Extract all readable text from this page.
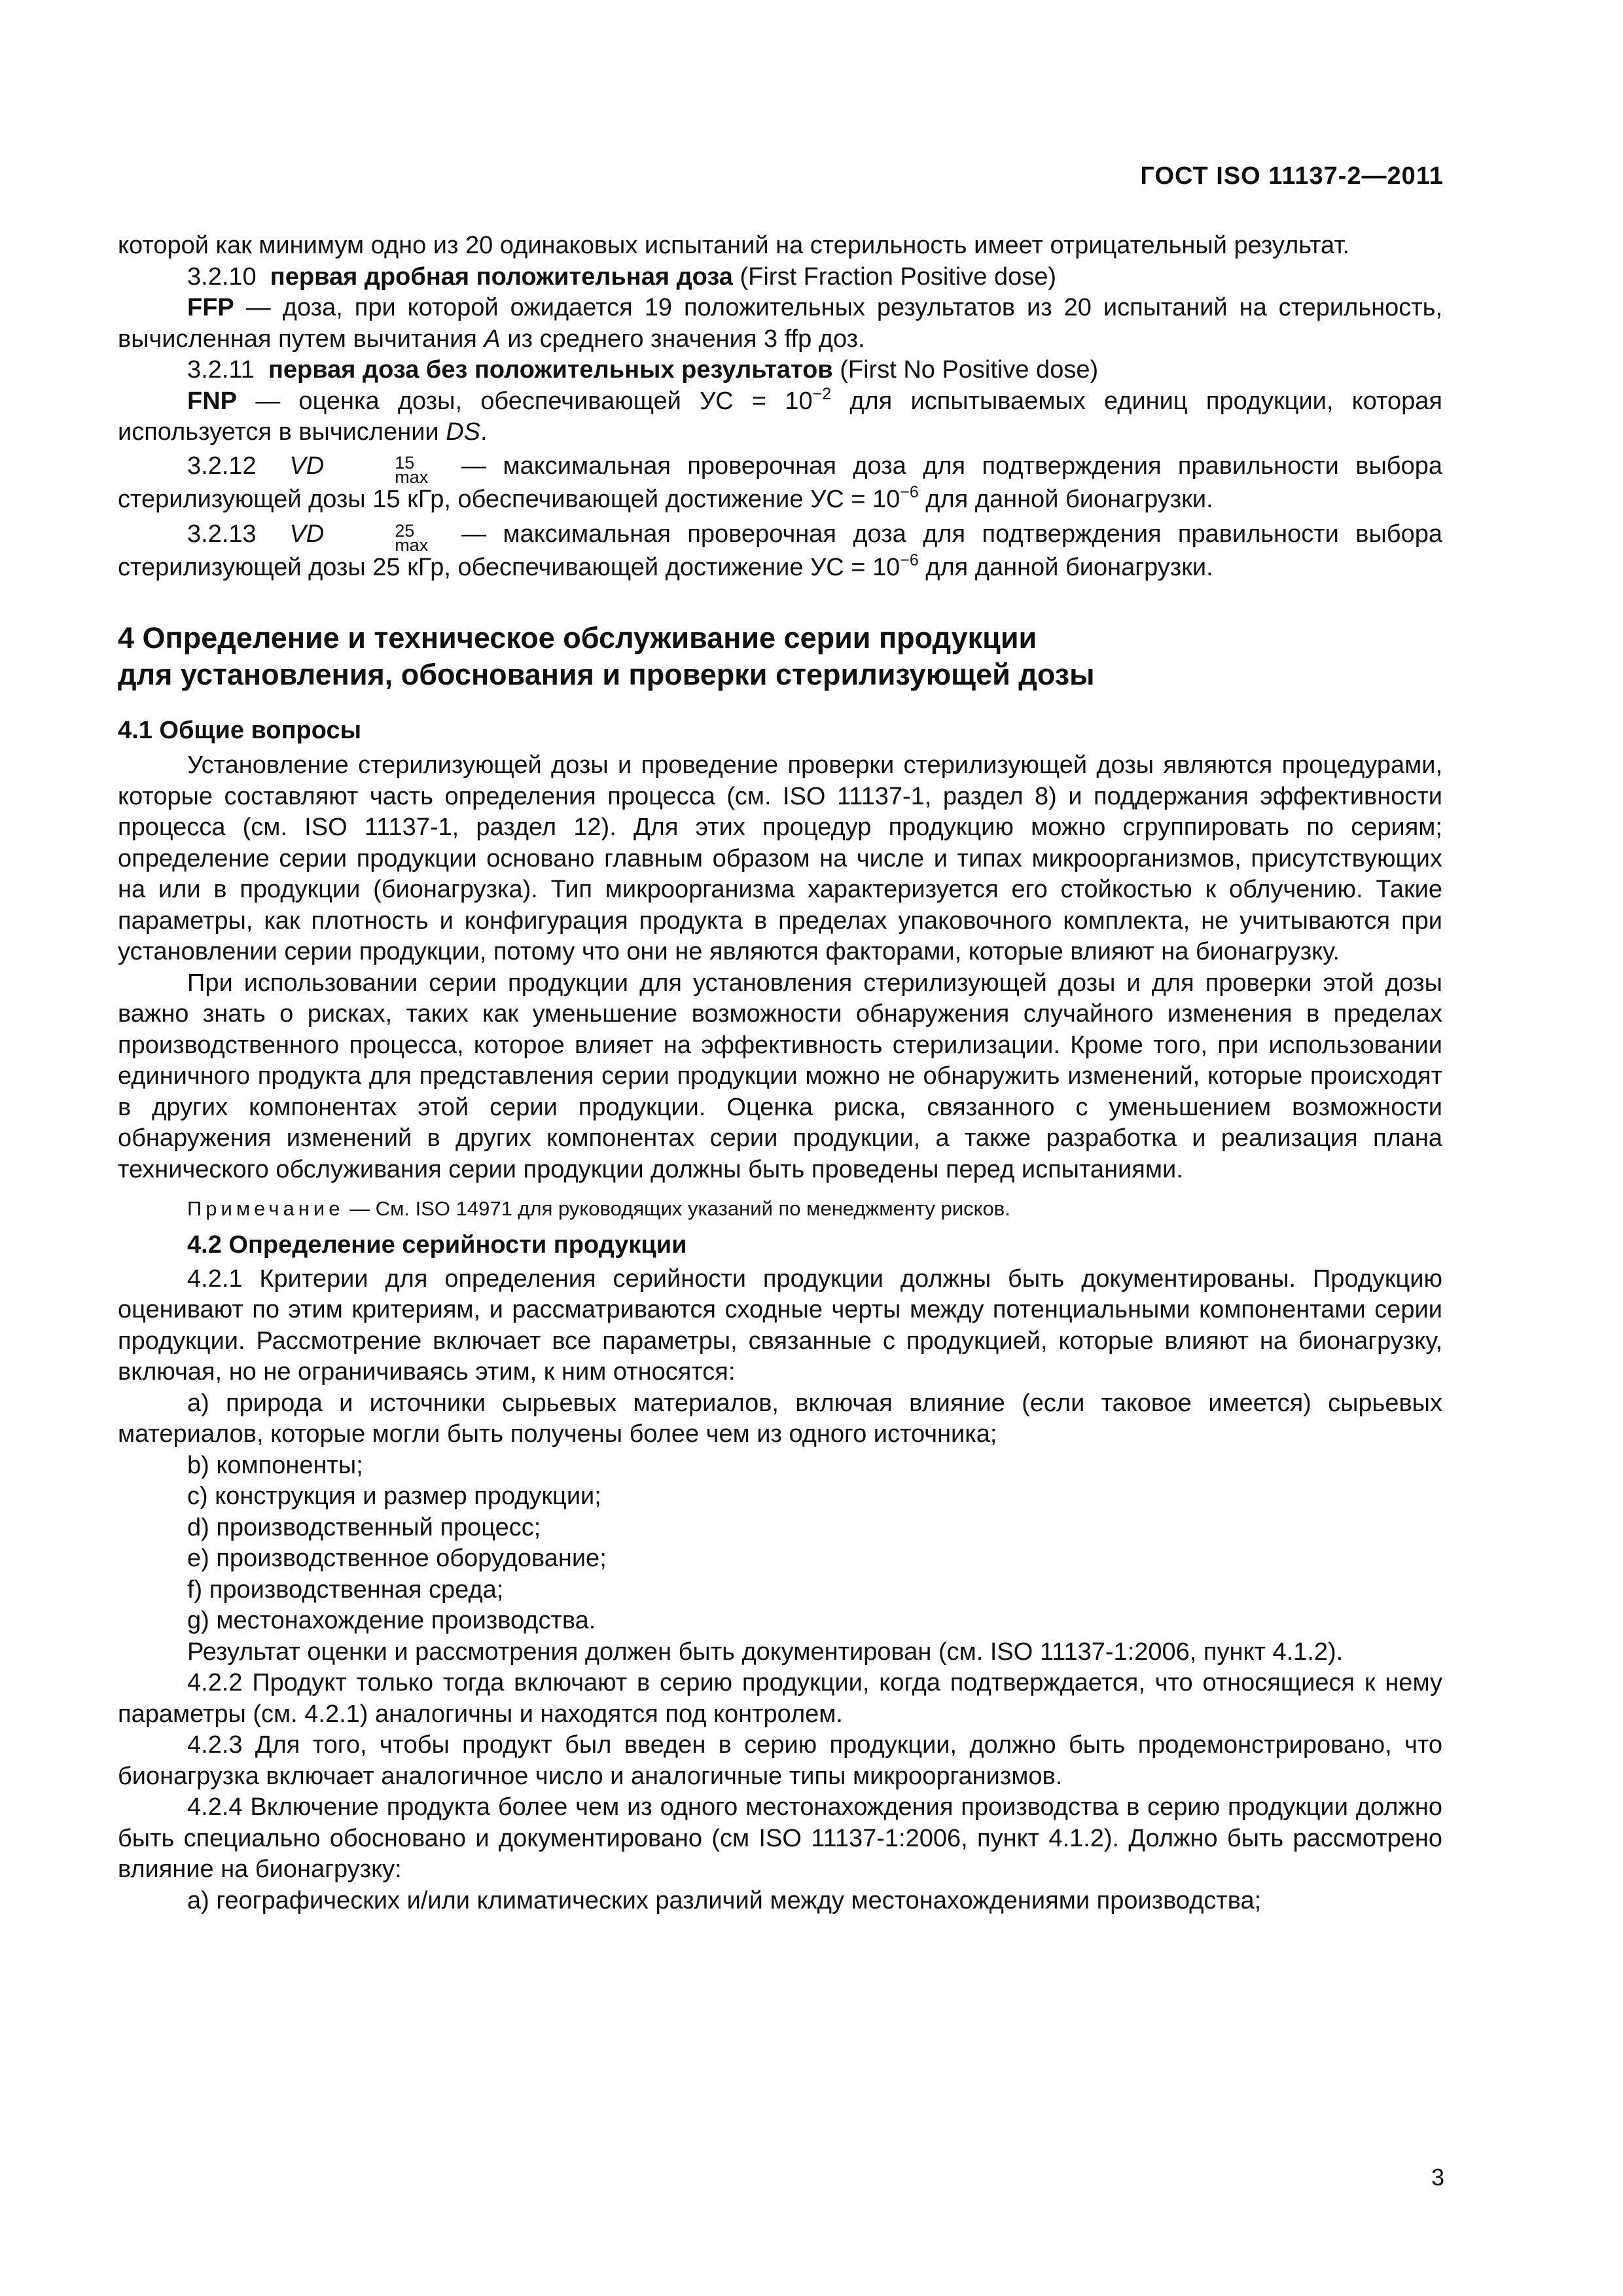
ГОСТ ISO 11137-2—2011

которой как минимум одно из 20 одинаковых испытаний на стерильность имеет отрицательный результат.

3.2.10 первая дробная положительная доза (First Fraction Positive dose)

FFP — доза, при которой ожидается 19 положительных результатов из 20 испытаний на стерильность, вычисленная путем вычитания A из среднего значения 3 ffp доз.

3.2.11 первая доза без положительных результатов (First No Positive dose)

FNP — оценка дозы, обеспечивающей УС = $10^{-2}$ для испытываемых единиц продукции, которая используется в вычислении DS.

3.2.12 VD	15
max — максимальная проверочная доза для подтверждения правильности выбора стерилизующей дозы 15 кГр, обеспечивающей достижение УС = $10^{-6}$ для данной бионагрузки.

3.2.13 VD	25
max — максимальная проверочная доза для подтверждения правильности выбора стерилизующей дозы 25 кГр, обеспечивающей достижение УС = $10^{-6}$ для данной бионагрузки.

4 Определение и техническое обслуживание серии продукции
для установления, обоснования и проверки стерилизующей дозы

4.1 Общие вопросы

Установление стерилизующей дозы и проведение проверки стерилизующей дозы являются процедурами, которые составляют часть определения процесса (см. ISO 11137-1, раздел 8) и поддержания эффективности процесса (см. ISO 11137-1, раздел 12). Для этих процедур продукцию можно сгруппировать по сериям; определение серии продукции основано главным образом на числе и типах микроорганизмов, присутствующих на или в продукции (бионагрузка). Тип микроорганизма характеризуется его стойкостью к облучению. Такие параметры, как плотность и конфигурация продукта в пределах упаковочного комплекта, не учитываются при установлении серии продукции, потому что они не являются факторами, которые влияют на бионагрузку.

При использовании серии продукции для установления стерилизующей дозы и для проверки этой дозы важно знать о рисках, таких как уменьшение возможности обнаружения случайного изменения в пределах производственного процесса, которое влияет на эффективность стерилизации. Кроме того, при использовании единичного продукта для представления серии продукции можно не обнаружить изменений, которые происходят в других компонентах этой серии продукции. Оценка риска, связанного с уменьшением возможности обнаружения изменений в других компонентах серии продукции, а также разработка и реализация плана технического обслуживания серии продукции должны быть проведены перед испытаниями.

Примечание — См. ISO 14971 для руководящих указаний по менеджменту рисков.

4.2 Определение серийности продукции

4.2.1 Критерии для определения серийности продукции должны быть документированы. Продукцию оценивают по этим критериям, и рассматриваются сходные черты между потенциальными компонентами серии продукции. Рассмотрение включает все параметры, связанные с продукцией, которые влияют на бионагрузку, включая, но не ограничиваясь этим, к ним относятся:

a) природа и источники сырьевых материалов, включая влияние (если таковое имеется) сырьевых материалов, которые могли быть получены более чем из одного источника;

b) компоненты;

c) конструкция и размер продукции;

d) производственный процесс;

e) производственное оборудование;

f) производственная среда;

g) местонахождение производства.

Результат оценки и рассмотрения должен быть документирован (см. ISO 11137-1:2006, пункт 4.1.2).

4.2.2 Продукт только тогда включают в серию продукции, когда подтверждается, что относящиеся к нему параметры (см. 4.2.1) аналогичны и находятся под контролем.

4.2.3 Для того, чтобы продукт был введен в серию продукции, должно быть продемонстрировано, что бионагрузка включает аналогичное число и аналогичные типы микроорганизмов.

4.2.4 Включение продукта более чем из одного местонахождения производства в серию продукции должно быть специально обосновано и документировано (см ISO 11137-1:2006, пункт 4.1.2). Должно быть рассмотрено влияние на бионагрузку:

a) географических и/или климатических различий между местонахождениями производства;

3
